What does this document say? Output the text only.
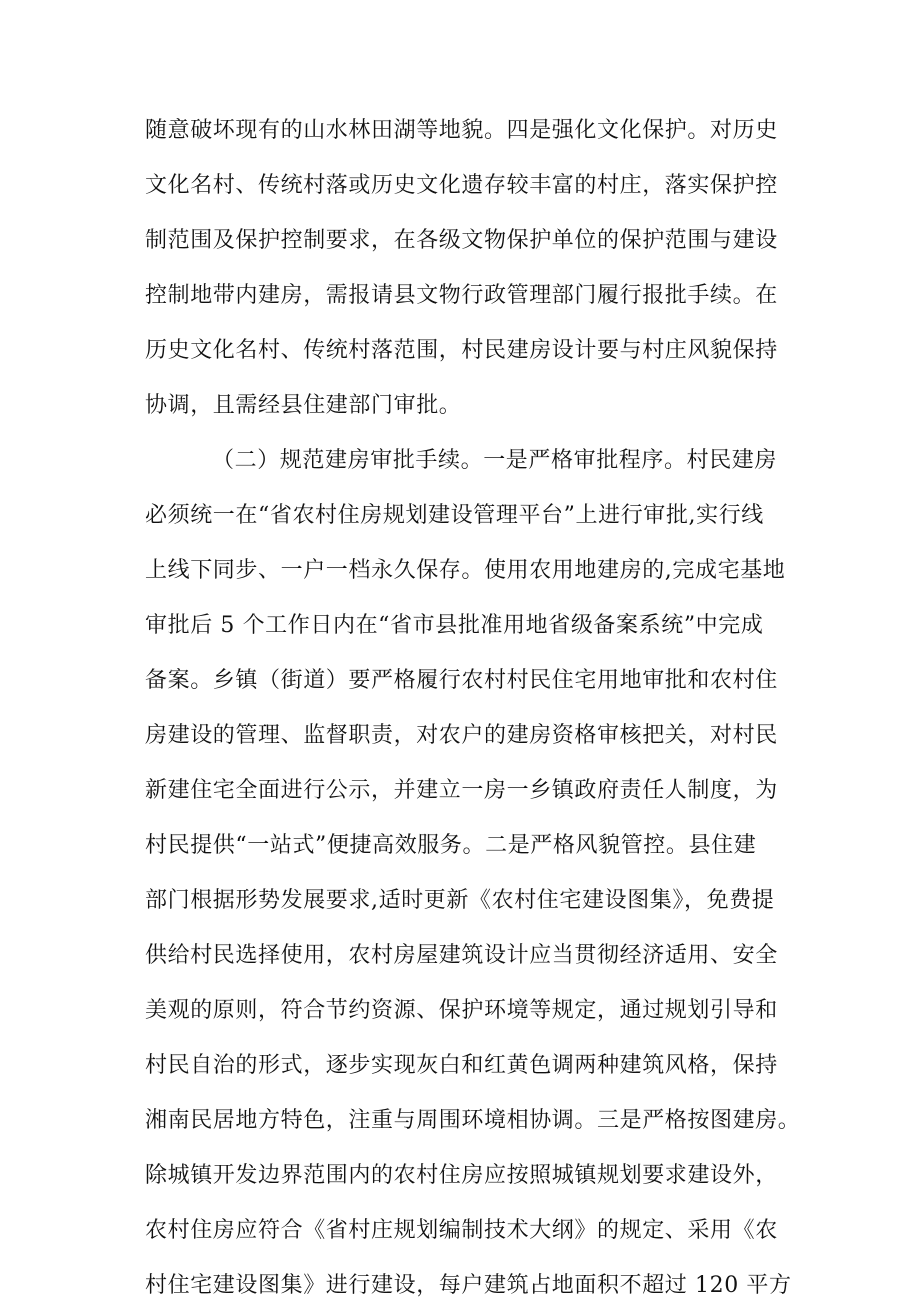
随意破坏现有的山水林田湖等地貌。四是强化文化保护。对历史
文化名村、传统村落或历史文化遗存较丰富的村庄，落实保护控
制范围及保护控制要求，在各级文物保护单位的保护范围与建设
控制地带内建房，需报请县文物行政管理部门履行报批手续。在
历史文化名村、传统村落范围，村民建房设计要与村庄风貌保持
协调，且需经县住建部门审批。
（二）规范建房审批手续。一是严格审批程序。村民建房
必须统一在“省农村住房规划建设管理平台”上进行审批,实行线
上线下同步、一户一档永久保存。使用农用地建房的,完成宅基地
审批后 5 个工作日内在“省市县批准用地省级备案系统”中完成
备案。乡镇（街道）要严格履行农村村民住宅用地审批和农村住
房建设的管理、监督职责，对农户的建房资格审核把关，对村民
新建住宅全面进行公示，并建立一房一乡镇政府责任人制度，为
村民提供“一站式”便捷高效服务。二是严格风貌管控。县住建
部门根据形势发展要求,适时更新《农村住宅建设图集》，免费提
供给村民选择使用，农村房屋建筑设计应当贯彻经济适用、安全
美观的原则，符合节约资源、保护环境等规定，通过规划引导和
村民自治的形式，逐步实现灰白和红黄色调两种建筑风格，保持
湘南民居地方特色，注重与周围环境相协调。三是严格按图建房。
除城镇开发边界范围内的农村住房应按照城镇规划要求建设外，
农村住房应符合《省村庄规划编制技术大纲》的规定、采用《农
村住宅建设图集》进行建设，每户建筑占地面积不超过 120 平方
